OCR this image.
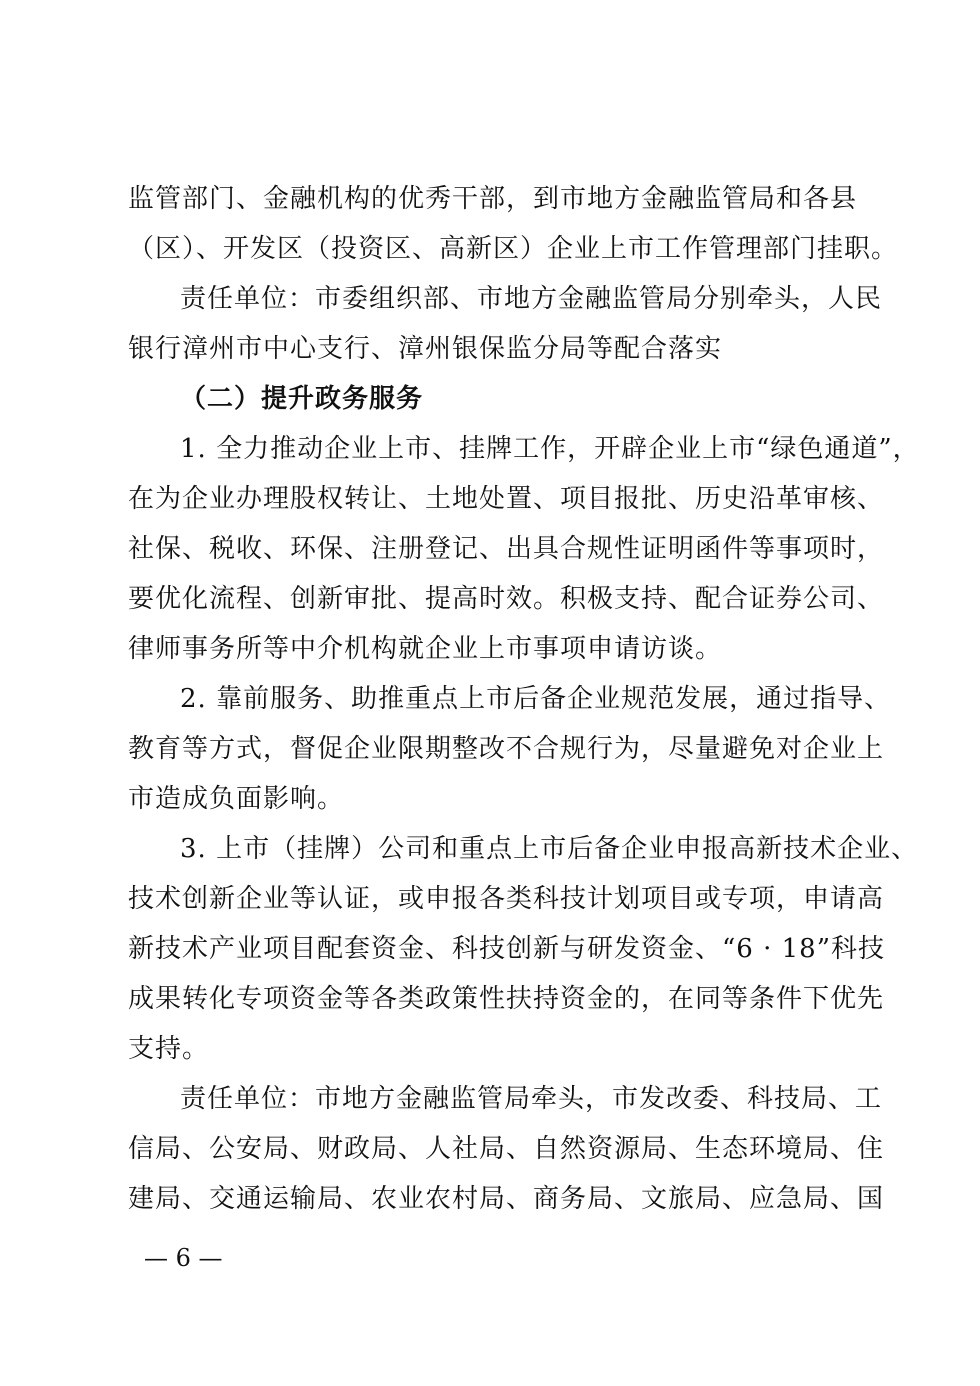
监管部门、金融机构的优秀干部，到市地方金融监管局和各县
（区）、开发区（投资区、高新区）企业上市工作管理部门挂职。
责任单位：市委组织部、市地方金融监管局分别牵头，人民
银行漳州市中心支行、漳州银保监分局等配合落实
（二）提升政务服务
1. 全力推动企业上市、挂牌工作，开辟企业上市“绿色通道”，
在为企业办理股权转让、土地处置、项目报批、历史沿革审核、
社保、税收、环保、注册登记、出具合规性证明函件等事项时，
要优化流程、创新审批、提高时效。积极支持、配合证券公司、
律师事务所等中介机构就企业上市事项申请访谈。
2. 靠前服务、助推重点上市后备企业规范发展，通过指导、
教育等方式，督促企业限期整改不合规行为，尽量避免对企业上
市造成负面影响。
3. 上市（挂牌）公司和重点上市后备企业申报高新技术企业、
技术创新企业等认证，或申报各类科技计划项目或专项，申请高
新技术产业项目配套资金、科技创新与研发资金、“6 · 18”科技
成果转化专项资金等各类政策性扶持资金的，在同等条件下优先
支持。
责任单位：市地方金融监管局牵头，市发改委、科技局、工
信局、公安局、财政局、人社局、自然资源局、生态环境局、住
建局、交通运输局、农业农村局、商务局、文旅局、应急局、国
— 6 —
